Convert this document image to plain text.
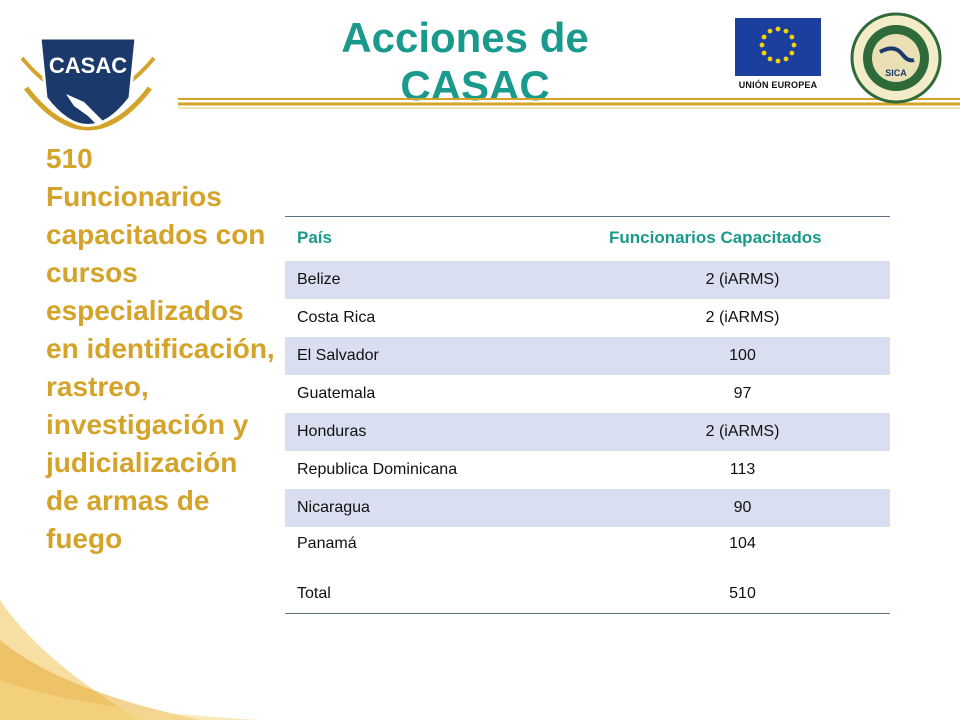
CASAC
Acciones de
CASAC	UNIÓN EUROPEA
SICA

510 Funcionarios capacitados con cursos especializados en identificación, rastreo, investigación y judicialización de armas de fuego

País	Funcionarios Capacitados
Belize	2 (iARMS)
Costa Rica	2 (iARMS)
El Salvador	100
Guatemala	97
Honduras	2 (iARMS)
Republica Dominicana	113
Nicaragua	90
Panamá	104
Total	510
